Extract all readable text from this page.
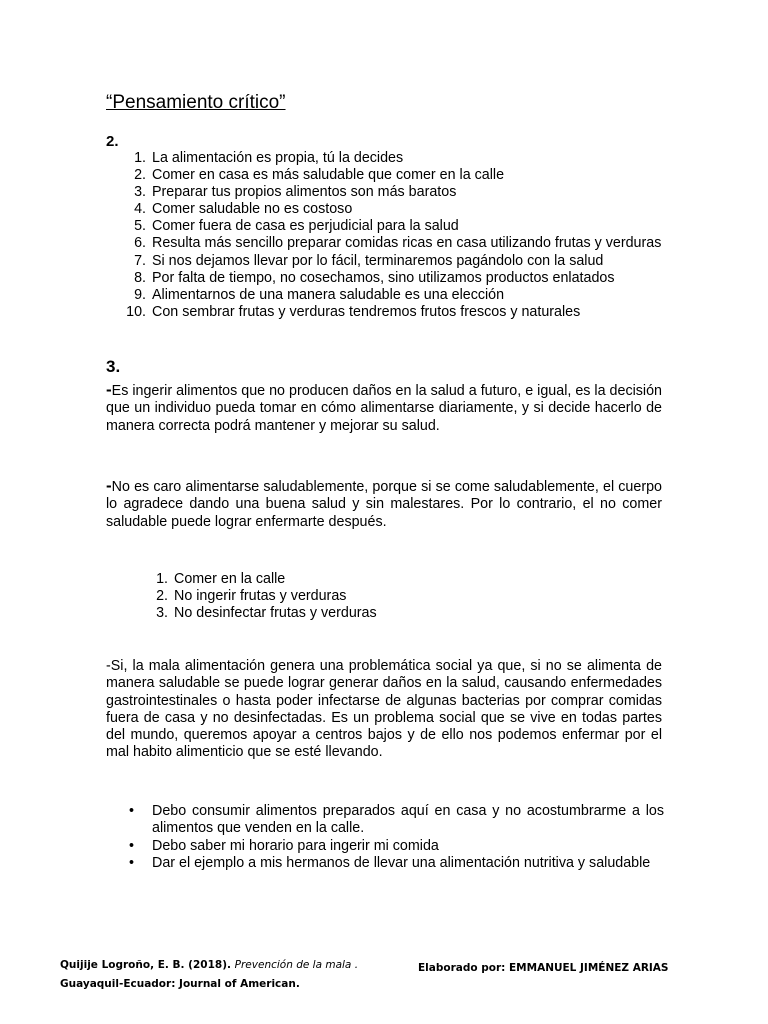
“Pensamiento crítico”
2.
1. La alimentación es propia, tú la decides
2. Comer en casa es más saludable que comer en la calle
3. Preparar tus propios alimentos son más baratos
4. Comer saludable no es costoso
5. Comer fuera de casa es perjudicial para la salud
6. Resulta más sencillo preparar comidas ricas en casa utilizando frutas y verduras
7. Si nos dejamos llevar por lo fácil, terminaremos pagándolo con la salud
8. Por falta de tiempo, no cosechamos, sino utilizamos productos enlatados
9. Alimentarnos de una manera saludable es una elección
10. Con sembrar frutas y verduras tendremos frutos frescos y naturales
3.

-Es ingerir alimentos que no producen daños en la salud a futuro, e igual, es la decisión que un individuo pueda tomar en cómo alimentarse diariamente, y si decide hacerlo de manera correcta podrá mantener y mejorar su salud.

-No es caro alimentarse saludablemente, porque si se come saludablemente, el cuerpo lo agradece dando una buena salud y sin malestares. Por lo contrario, el no comer saludable puede lograr enfermarte después.

1. Comer en la calle
2. No ingerir frutas y verduras
3. No desinfectar frutas y verduras

-Si, la mala alimentación genera una problemática social ya que, si no se alimenta de manera saludable se puede lograr generar daños en la salud, causando enfermedades gastrointestinales o hasta poder infectarse de algunas bacterias por comprar comidas fuera de casa y no desinfectadas. Es un problema social que se vive en todas partes del mundo, queremos apoyar a centros bajos y de ello nos podemos enfermar por el mal habito alimenticio que se esté llevando.

• Debo consumir alimentos preparados aquí en casa y no acostumbrarme a los alimentos que venden en la calle.
• Debo saber mi horario para ingerir mi comida
• Dar el ejemplo a mis hermanos de llevar una alimentación nutritiva y saludable
Quijije Logroño, E. B. (2018). Prevención de la mala .
Guayaquil-Ecuador: Journal of American.
Elaborado por: EMMANUEL JIMÉNEZ ARIAS
